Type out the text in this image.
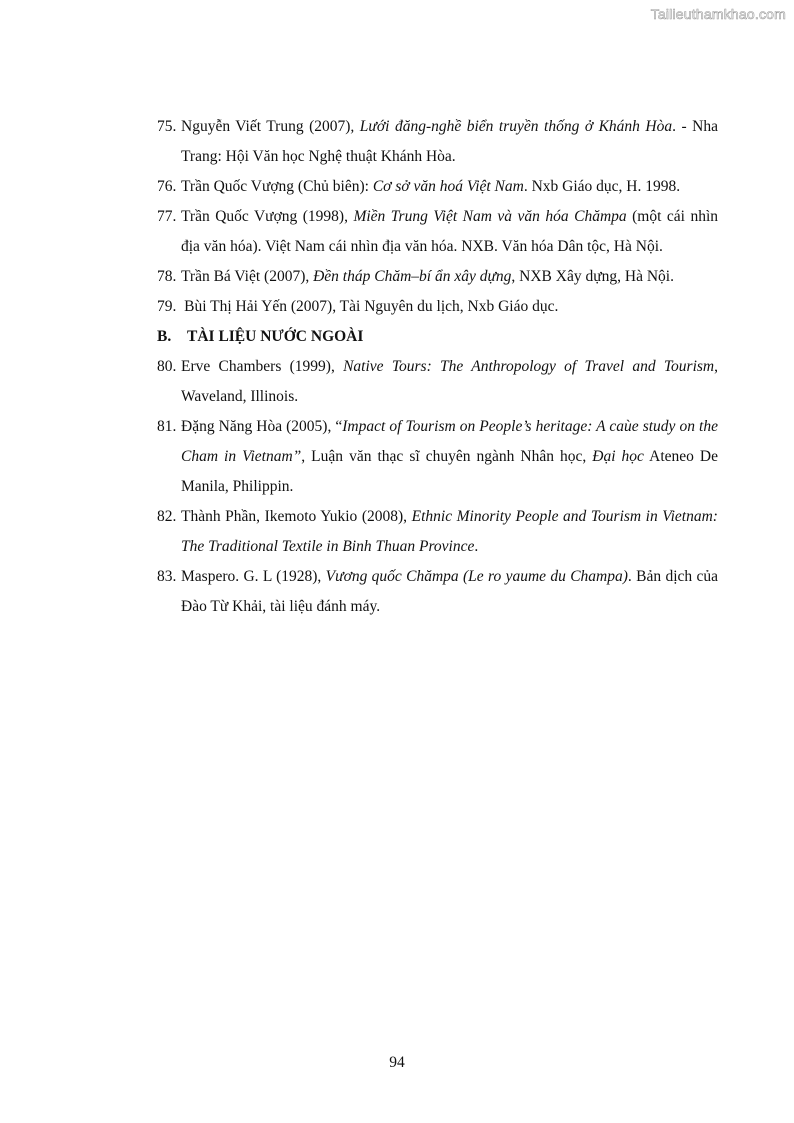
Tailieuthamkhao.com

75. Nguyễn Viết Trung (2007), Lưới đăng-nghề biển truyền thống ở Khánh Hòa. - Nha Trang: Hội Văn học Nghệ thuật Khánh Hòa.

76. Trần Quốc Vượng (Chủ biên): Cơ sở văn hoá Việt Nam. Nxb Giáo dục, H. 1998.

77. Trần Quốc Vượng (1998), Miền Trung Việt Nam và văn hóa Chămpa (một cái nhìn địa văn hóa). Việt Nam cái nhìn địa văn hóa. NXB. Văn hóa Dân tộc, Hà Nội.

78. Trần Bá Việt (2007), Đền tháp Chăm–bí ẩn xây dựng, NXB Xây dựng, Hà Nội.

79.  Bùi Thị Hải Yến (2007), Tài Nguyên du lịch, Nxb Giáo dục.

B. TÀI LIỆU NƯỚC NGOÀI

80. Erve Chambers (1999), Native Tours: The Anthropology of Travel and Tourism, Waveland, Illinois.

81. Đặng Năng Hòa (2005), “Impact of Tourism on People’s heritage: A caùe study on the Cham in Vietnam”, Luận văn thạc sĩ chuyên ngành Nhân học, Đại học Ateneo De Manila, Philippin.

82. Thành Phần, Ikemoto Yukio (2008), Ethnic Minority People and Tourism in Vietnam: The Traditional Textile in Binh Thuan Province.

83. Maspero. G. L (1928), Vương quốc Chămpa (Le ro yaume du Champa). Bản dịch của Đào Từ Khải, tài liệu đánh máy.

94
